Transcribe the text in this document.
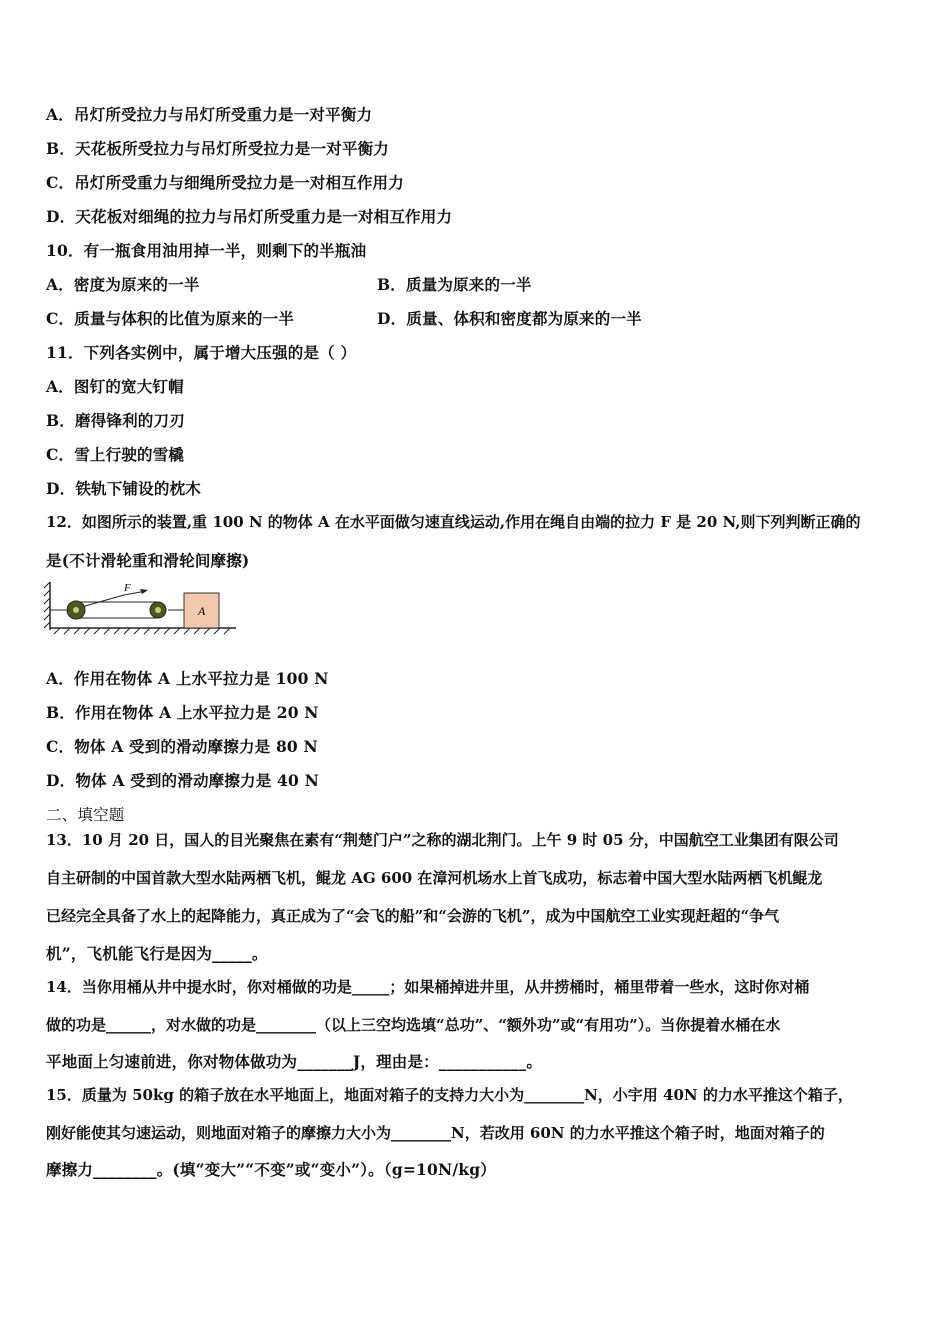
A．吊灯所受拉力与吊灯所受重力是一对平衡力
B．天花板所受拉力与吊灯所受拉力是一对平衡力
C．吊灯所受重力与细绳所受拉力是一对相互作用力
D．天花板对细绳的拉力与吊灯所受重力是一对相互作用力
10．有一瓶食用油用掉一半，则剩下的半瓶油
A．密度为原来的一半	B．质量为原来的一半
C．质量与体积的比值为原来的一半	D．质量、体积和密度都为原来的一半
11．下列各实例中，属于增大压强的是（ ）
A．图钉的宽大钉帽
B．磨得锋利的刀刃
C．雪上行驶的雪橇
D．铁轨下铺设的枕木
12．如图所示的装置,重 100 N 的物体 A 在水平面做匀速直线运动,作用在绳自由端的拉力 F 是 20 N,则下列判断正确的
是(不计滑轮重和滑轮间摩擦)
F
A
A．作用在物体 A 上水平拉力是 100 N
B．作用在物体 A 上水平拉力是 20 N
C．物体 A 受到的滑动摩擦力是 80 N
D．物体 A 受到的滑动摩擦力是 40 N
二、填空题
13．10 月 20 日，国人的目光聚焦在素有“荆楚门户”之称的湖北荆门。上午 9 时 05 分，中国航空工业集团有限公司
自主研制的中国首款大型水陆两栖飞机，鲲龙 AG 600 在漳河机场水上首飞成功，标志着中国大型水陆两栖飞机鲲龙
已经完全具备了水上的起降能力，真正成为了“会飞的船”和“会游的飞机”，成为中国航空工业实现赶超的“争气
机”，飞机能飞行是因为_____。
14．当你用桶从井中提水时，你对桶做的功是_____；如果桶掉进井里，从井捞桶时，桶里带着一些水，这时你对桶
做的功是______，对水做的功是________（以上三空均选填“总功”、“额外功”或“有用功”）。当你提着水桶在水
平地面上匀速前进，你对物体做功为_______J，理由是：___________。
15．质量为 50kg 的箱子放在水平地面上，地面对箱子的支持力大小为________N，小宇用 40N 的力水平推这个箱子，
刚好能使其匀速运动，则地面对箱子的摩擦力大小为________N，若改用 60N 的力水平推这个箱子时，地面对箱子的
摩擦力________。(填“变大”“不变”或“变小”）。（g=10N/kg）
